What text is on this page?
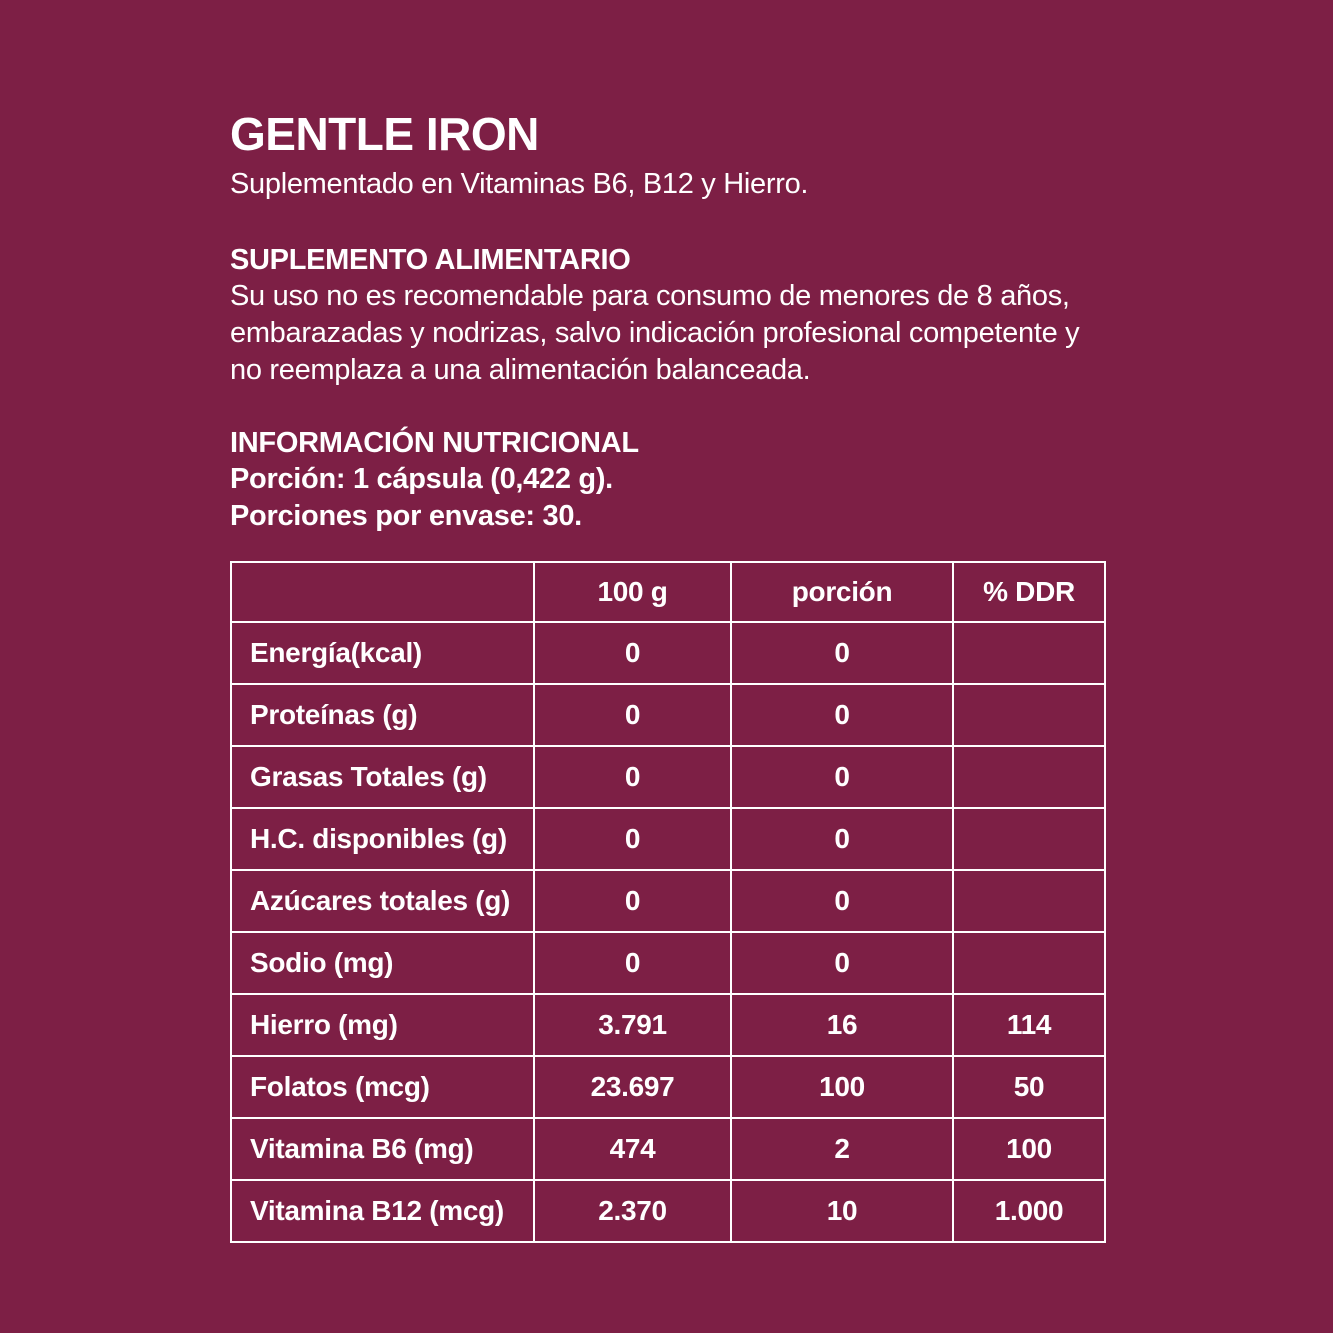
GENTLE IRON
Suplementado en Vitaminas B6, B12 y Hierro.
SUPLEMENTO ALIMENTARIO

Su uso no es recomendable para consumo de menores de 8 años, embarazadas y nodrizas, salvo indicación profesional competente y no reemplaza a una alimentación balanceada.

INFORMACIÓN NUTRICIONAL

Porción: 1 cápsula (0,422 g).

Porciones por envase: 30.

	100 g	porción	% DDR
Energía(kcal)	0	0	
Proteínas (g)	0	0	
Grasas Totales (g)	0	0	
H.C. disponibles (g)	0	0	
Azúcares totales (g)	0	0	
Sodio (mg)	0	0	
Hierro (mg)	3.791	16	114
Folatos (mcg)	23.697	100	50
Vitamina B6 (mg)	474	2	100
Vitamina B12 (mcg)	2.370	10	1.000
